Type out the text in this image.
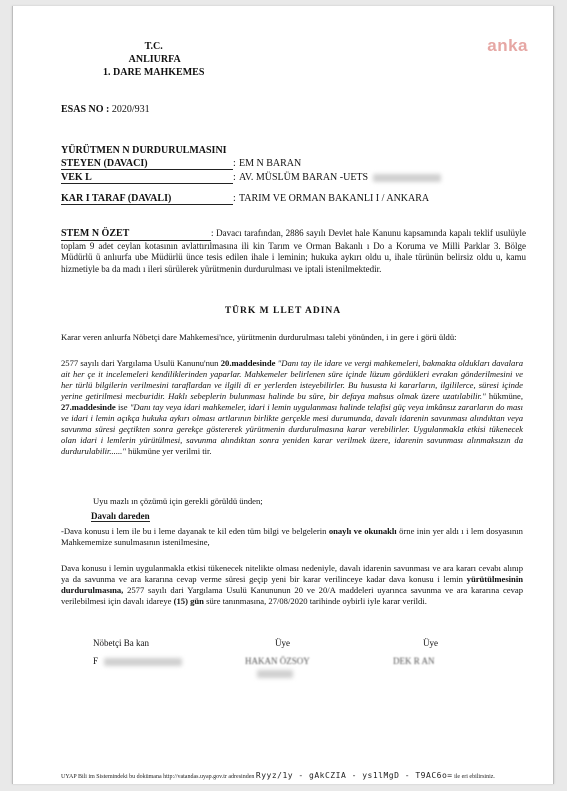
anka
T.C.
ANLIURFA
1. DARE MAHKEMES
ESAS NO : 2020/931
YÜRÜTMEN N DURDURULMASINI
STEYEN (DAVACI)	: EM N BARAN
VEK L	: AV. MÜSLÜM BARAN -UETS
KAR I TARAF (DAVALI)	: TARIM VE ORMAN BAKANLI I / ANKARA
STEM N ÖZET	: Davacı tarafından, 2886 sayılı Devlet hale Kanunu kapsamında kapalı teklif usulüyle toplam 9 adet ceylan kotasının avlattırılmasına ili kin Tarım ve Orman Bakanlı ı Do a Koruma ve Milli Parklar 3. Bölge Müdürlü ü anlıurfa ube Müdürlü ünce tesis edilen ihale i leminin; hukuka aykırı oldu u, ihale türünün belirsiz oldu u, kamu hizmetiyle ba da madı ı ileri sürülerek yürütmenin durdurulması ve iptali istenilmektedir.
TÜRK M LLET ADINA
Karar veren anlıurfa Nöbetçi dare Mahkemesi'nce, yürütmenin durdurulması talebi yönünden, i in gere i görü üldü:
2577 sayılı dari Yargılama Usulü Kanunu'nun 20.maddesinde "Danı tay ile idare ve vergi mahkemeleri, bakmakta oldukları davalara ait her çe it incelemeleri kendiliklerinden yaparlar. Mahkemeler belirlenen süre içinde lüzum gördükleri evrakın gönderilmesini ve her türlü bilgilerin verilmesini taraflardan ve ilgili di er yerlerden isteyebilirler. Bu hususta ki kararların, ilgililerce, süresi içinde yerine getirilmesi mecburidir. Haklı sebeplerin bulunması halinde bu süre, bir defaya mahsus olmak üzere uzatılabilir." hükmüne, 27.maddesinde ise "Danı tay veya idari mahkemeler, idari i lemin uygulanması halinde telafisi güç veya imkânsız zararların do ması ve idari i lemin açıkça hukuka aykırı olması artlarının birlikte gerçekle mesi durumunda, davalı idarenin savunması alındıktan veya savunma süresi geçtikten sonra gerekçe göstererek yürütmenin durdurulmasına karar verebilirler. Uygulanmakla etkisi tükenecek olan idari i lemlerin yürütülmesi, savunma alındıktan sonra yeniden karar verilmek üzere, idarenin savunması alınmaksızın da durdurulabilir......" hükmüne yer verilmi tir.
Uyu mazlı ın çözümü için gerekli görüldü ünden;
Davalı dareden
-Dava konusu i lem ile bu i leme dayanak te kil eden tüm bilgi ve belgelerin onaylı ve okunaklı örne inin yer aldı ı i lem dosyasının Mahkememize sunulmasının istenilmesine,
Dava konusu i lemin uygulanmakla etkisi tükenecek nitelikte olması nedeniyle, davalı idarenin savunması ve ara kararı cevabı alınıp ya da savunma ve ara kararına cevap verme süresi geçip yeni bir karar verilinceye kadar dava konusu i lemin yürütülmesinin durdurulmasına, 2577 sayılı dari Yargılama Usulü Kanununun 20 ve 20/A maddeleri uyarınca savunma ve ara kararına cevap verilebilmesi için davalı idareye (15) gün süre tanınmasına, 27/08/2020 tarihinde oybirli iyle karar verildi.
Nöbetçi Ba kan	Üye	Üye
F	HAKAN ÖZSOY	DEK R AN
UYAP Bili im Sistemindeki bu dokümana http://vatandas.uyap.gov.tr adresinden Ryyz/1y - gAkCZIA - ys1lMgD - T9AC6o= ile eri ebilirsiniz.
